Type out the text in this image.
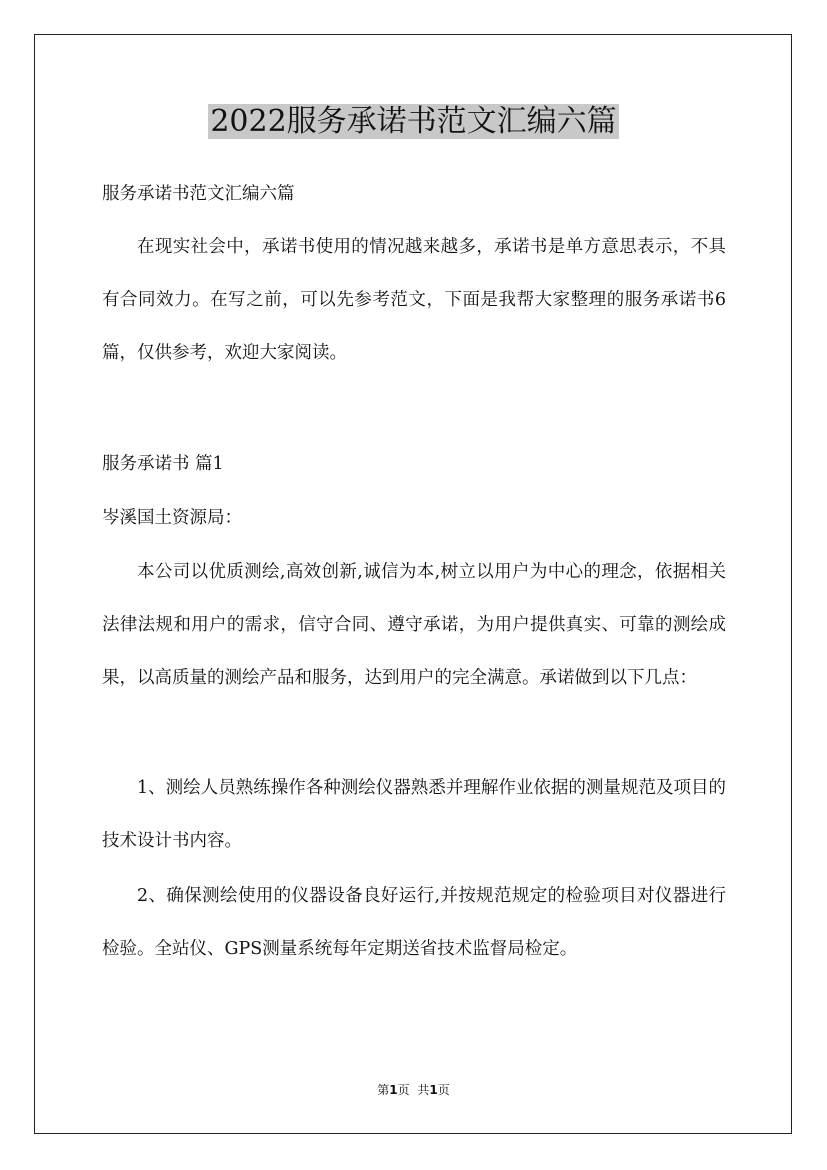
2022服务承诺书范文汇编六篇

服务承诺书范文汇编六篇

在现实社会中，承诺书使用的情况越来越多，承诺书是单方意思表示，不具有合同效力。在写之前，可以先参考范文，下面是我帮大家整理的服务承诺书6篇，仅供参考，欢迎大家阅读。

服务承诺书 篇1

岑溪国土资源局：

本公司以优质测绘,高效创新,诚信为本,树立以用户为中心的理念，依据相关法律法规和用户的需求，信守合同、遵守承诺，为用户提供真实、可靠的测绘成果，以高质量的测绘产品和服务，达到用户的完全满意。承诺做到以下几点：

1、测绘人员熟练操作各种测绘仪器熟悉并理解作业依据的测量规范及项目的技术设计书内容。

2、确保测绘使用的仪器设备良好运行,并按规范规定的检验项目对仪器进行检验。全站仪、GPS测量系统每年定期送省技术监督局检定。

第1页 共1页
